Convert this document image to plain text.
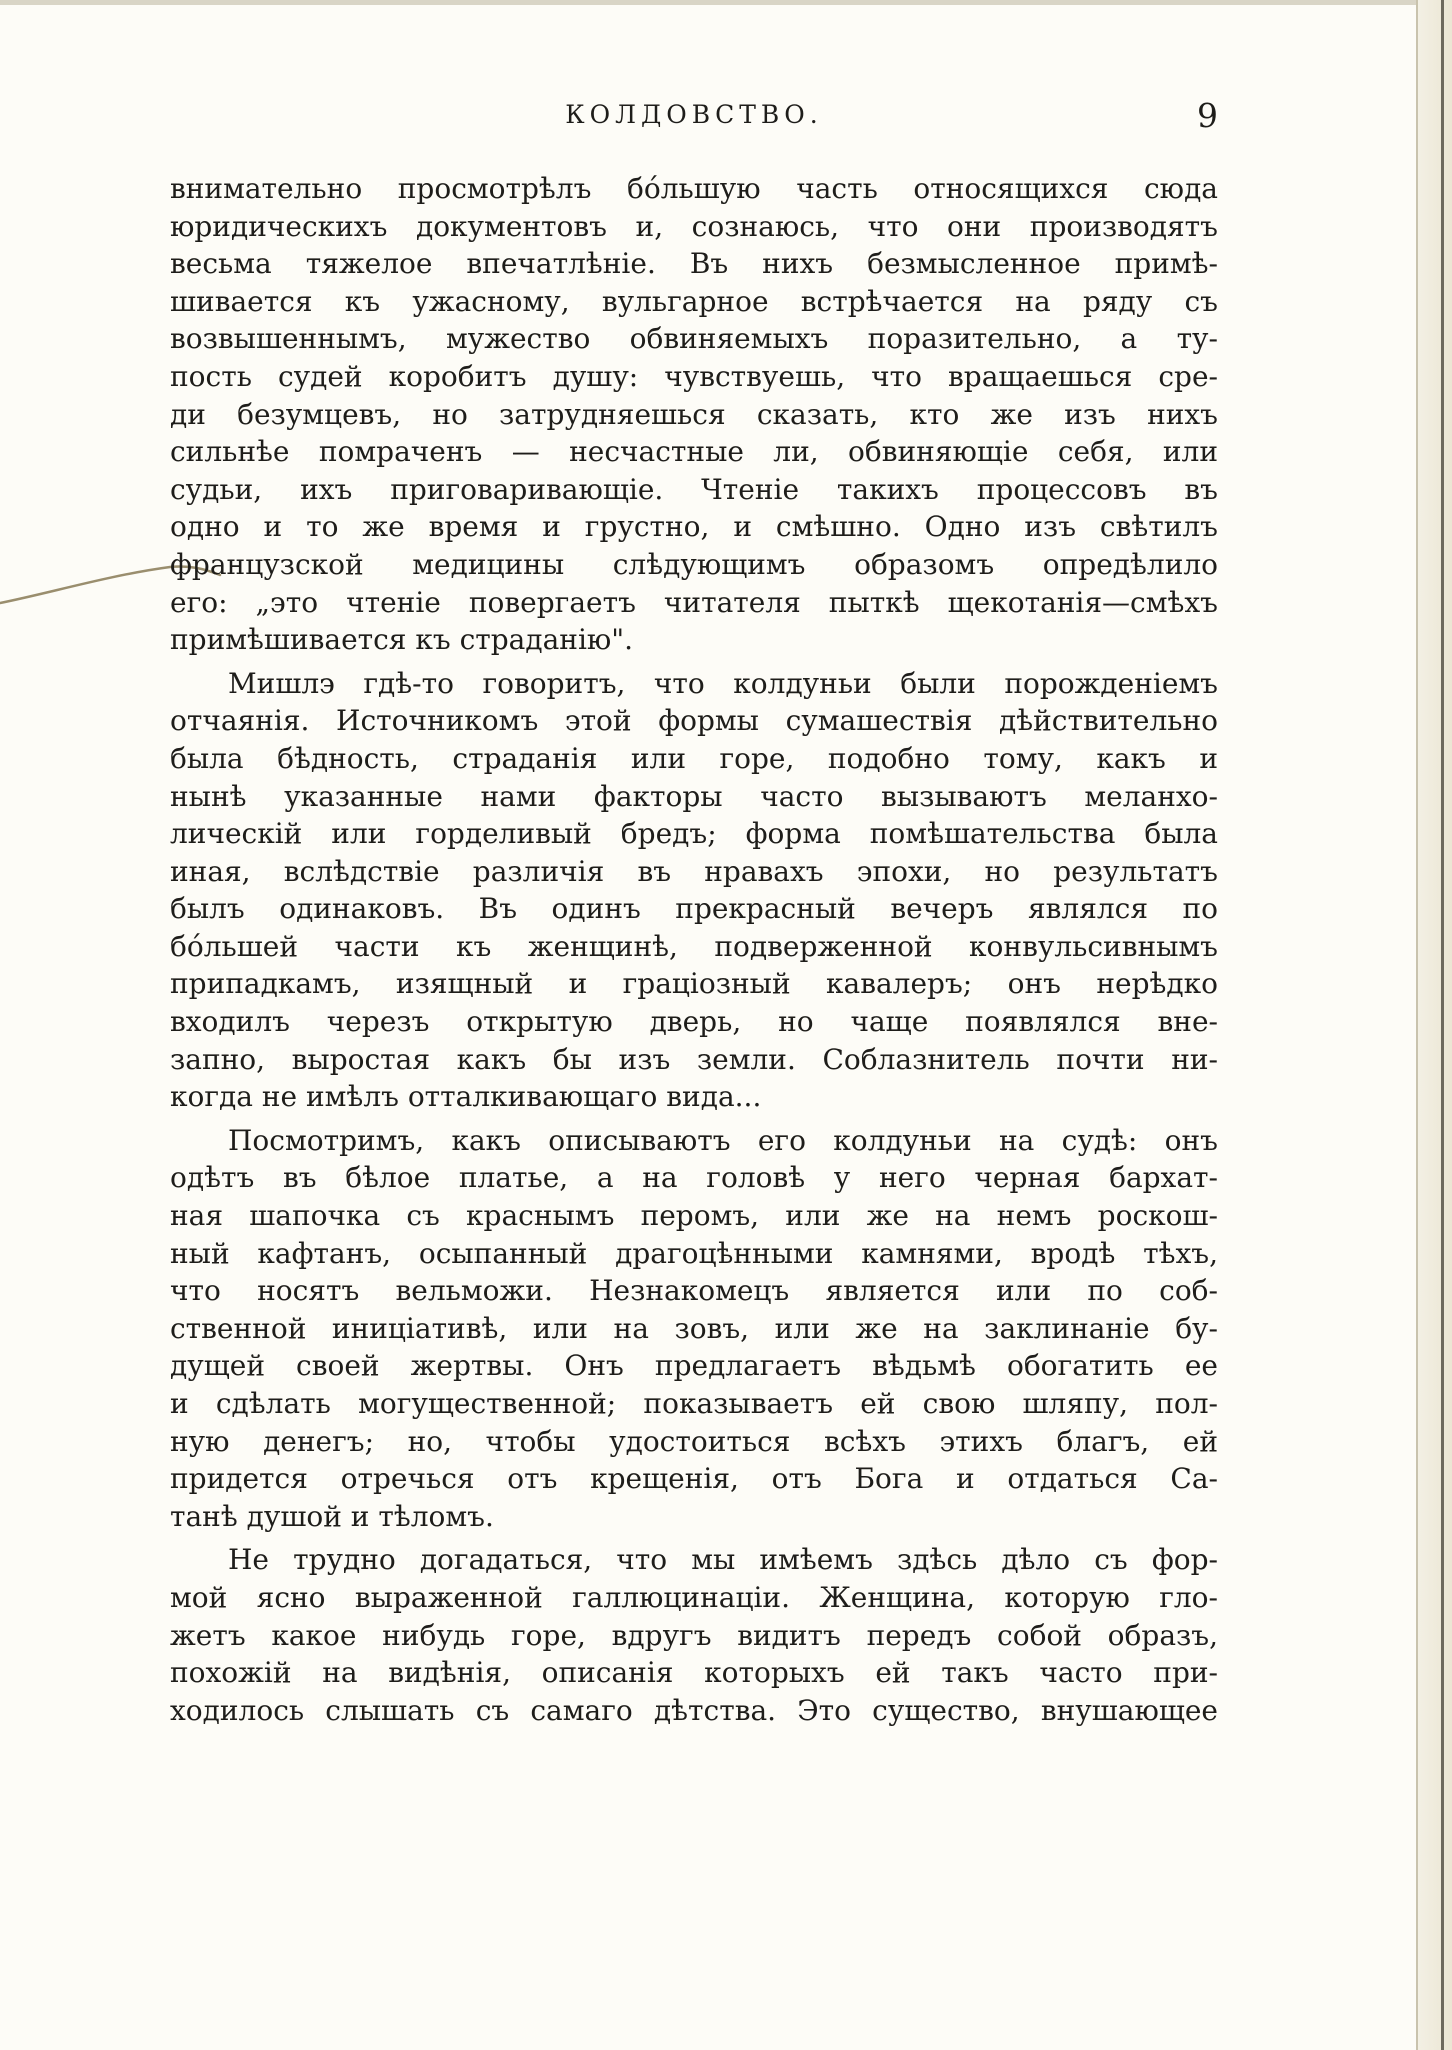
КОЛДОВСТВО.	9
внимательно просмотрѣлъ бо́льшую часть относящихся сюда
юридическихъ документовъ и, сознаюсь, что они производятъ
весьма тяжелое впечатлѣніе. Въ нихъ безмысленное примѣ-
шивается къ ужасному, вульгарное встрѣчается на ряду съ
возвышеннымъ, мужество обвиняемыхъ поразительно, а ту-
пость судей коробитъ душу: чувствуешь, что вращаешься сре-
ди безумцевъ, но затрудняешься сказать, кто же изъ нихъ
сильнѣе помраченъ — несчастные ли, обвиняющіе себя, или
судьи, ихъ приговаривающіе. Чтеніе такихъ процессовъ въ
одно и то же время и грустно, и смѣшно. Одно изъ свѣтилъ
французской медицины слѣдующимъ образомъ опредѣлило
его: „это чтеніе повергаетъ читателя пыткѣ щекотанія—смѣхъ
примѣшивается къ страданію".
Мишлэ гдѣ-то говоритъ, что колдуньи были порожденіемъ
отчаянія. Источникомъ этой формы сумашествія дѣйствительно
была бѣдность, страданія или горе, подобно тому, какъ и
нынѣ указанные нами факторы часто вызываютъ меланхо-
лическій или горделивый бредъ; форма помѣшательства была
иная, вслѣдствіе различія въ нравахъ эпохи, но результатъ
былъ одинаковъ. Въ одинъ прекрасный вечеръ являлся по
бо́льшей части къ женщинѣ, подверженной конвульсивнымъ
припадкамъ, изящный и граціозный кавалеръ; онъ нерѣдко
входилъ черезъ открытую дверь, но чаще появлялся вне-
запно, выростая какъ бы изъ земли. Соблазнитель почти ни-
когда не имѣлъ отталкивающаго вида...
Посмотримъ, какъ описываютъ его колдуньи на судѣ: онъ
одѣтъ въ бѣлое платье, а на головѣ у него черная бархат-
ная шапочка съ краснымъ перомъ, или же на немъ роскош-
ный кафтанъ, осыпанный драгоцѣнными камнями, вродѣ тѣхъ,
что носятъ вельможи. Незнакомецъ является или по соб-
ственной иниціативѣ, или на зовъ, или же на заклинаніе бу-
дущей своей жертвы. Онъ предлагаетъ вѣдьмѣ обогатить ее
и сдѣлать могущественной; показываетъ ей свою шляпу, пол-
ную денегъ; но, чтобы удостоиться всѣхъ этихъ благъ, ей
придется отречься отъ крещенія, отъ Бога и отдаться Са-
танѣ душой и тѣломъ.
Не трудно догадаться, что мы имѣемъ здѣсь дѣло съ фор-
мой ясно выраженной галлюцинаціи. Женщина, которую гло-
жетъ какое нибудь горе, вдругъ видитъ передъ собой образъ,
похожій на видѣнія, описанія которыхъ ей такъ часто при-
ходилось слышать съ самаго дѣтства. Это существо, внушающее
